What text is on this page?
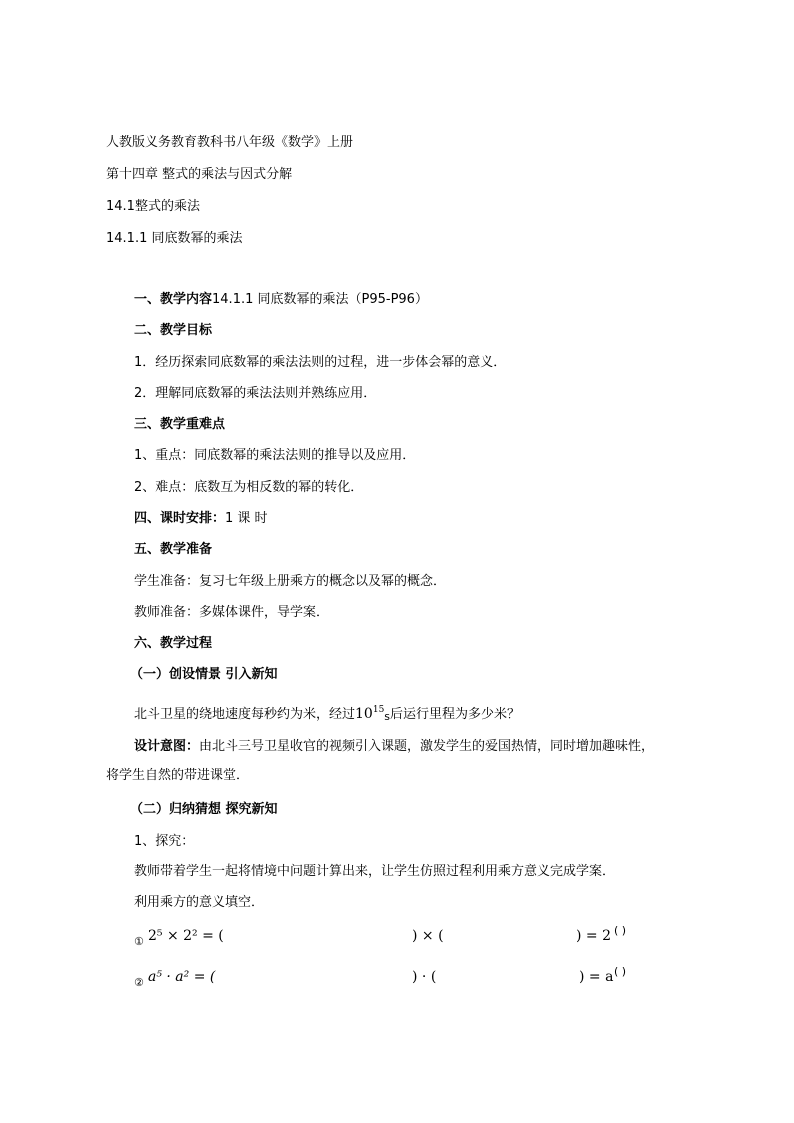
人教版义务教育教科书八年级《数学》上册
第十四章 整式的乘法与因式分解
14.1整式的乘法
14.1.1 同底数幂的乘法
一、教学内容14.1.1 同底数幂的乘法（P95-P96）
二、教学目标
1．经历探索同底数幂的乘法法则的过程，进一步体会幂的意义．
2．理解同底数幂的乘法法则并熟练应用．
三、教学重难点
1、重点：同底数幂的乘法法则的推导以及应用．
2、难点：底数互为相反数的幂的转化．
四、课时安排：1 课 时
五、教学准备
学生准备：复习七年级上册乘方的概念以及幂的概念．
教师准备：多媒体课件，导学案．
六、教学过程
（一）创设情景 引入新知
北斗卫星的绕地速度每秒约为米，经过$10^{15}s$后运行里程为多少米？
设计意图：由北斗三号卫星收官的视频引入课题，激发学生的爱国热情，同时增加趣味性，
将学生自然的带进课堂．
（二）归纳猜想 探究新知
1、探究：
教师带着学生一起将情境中问题计算出来，让学生仿照过程利用乘方意义完成学案．
利用乘方的意义填空．
① 2⁵ × 2² = (	) × (	) = 2 ( )
② a⁵ · a² = (	) · (	) = a ( )
